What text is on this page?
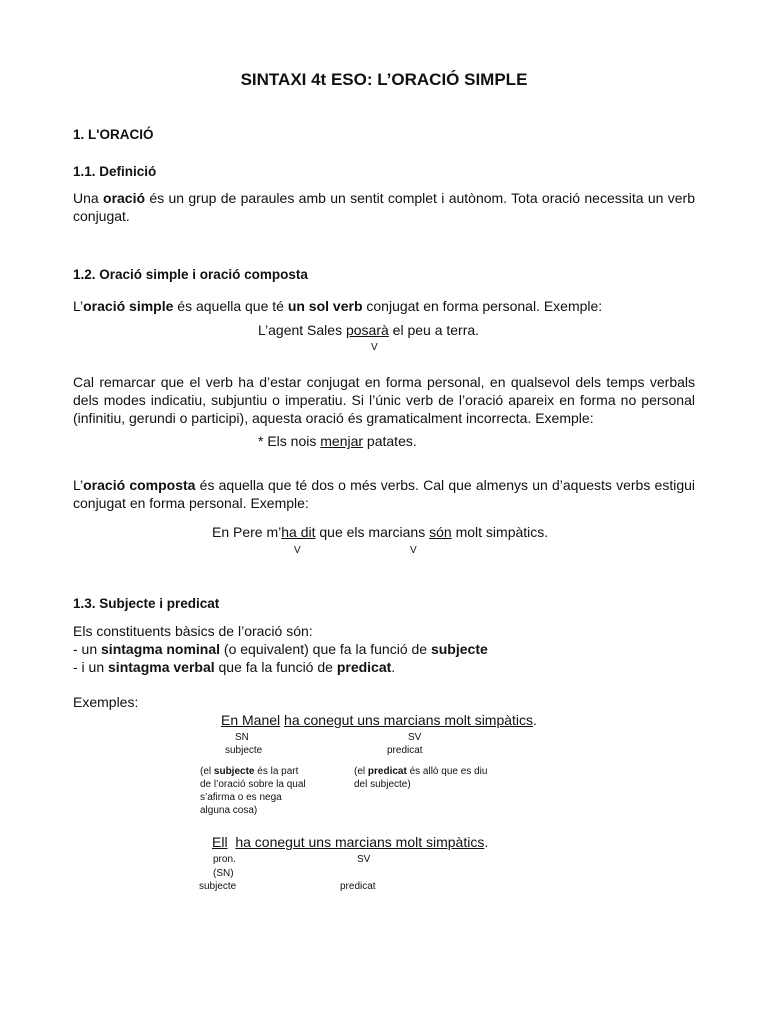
SINTAXI 4t ESO: L’ORACIÓ SIMPLE
1. L'ORACIÓ
1.1. Definició
Una oració és un grup de paraules amb un sentit complet i autònom. Tota oració necessita un verb conjugat.
1.2. Oració simple i oració composta
L’oració simple és aquella que té un sol verb conjugat en forma personal. Exemple:
L’agent Sales posarà el peu a terra.
V
Cal remarcar que el verb ha d’estar conjugat en forma personal, en qualsevol dels temps verbals dels modes indicatiu, subjuntiu o imperatiu. Si l’únic verb de l’oració apareix en forma no personal (infinitiu, gerundi o participi), aquesta oració és gramaticalment incorrecta. Exemple:
* Els nois menjar patates.
L’oració composta és aquella que té dos o més verbs. Cal que almenys un d’aquests verbs estigui conjugat en forma personal. Exemple:
En Pere m’ha dit que els marcians són molt simpàtics.
V	V
1.3. Subjecte i predicat
Els constituents bàsics de l’oració són:
- un sintagma nominal (o equivalent) que fa la funció de subjecte
- i un sintagma verbal que fa la funció de predicat.
Exemples:
En Manel ha conegut uns marcians molt simpàtics.
SN	SV
subjecte	predicat
(el subjecte és la part de l’oració sobre la qual s’afirma o es nega alguna cosa)
(el predicat és allò que es diu del subjecte)
Ell ha conegut uns marcians molt simpàtics.
pron.	SV
(SN)
subjecte	predicat
